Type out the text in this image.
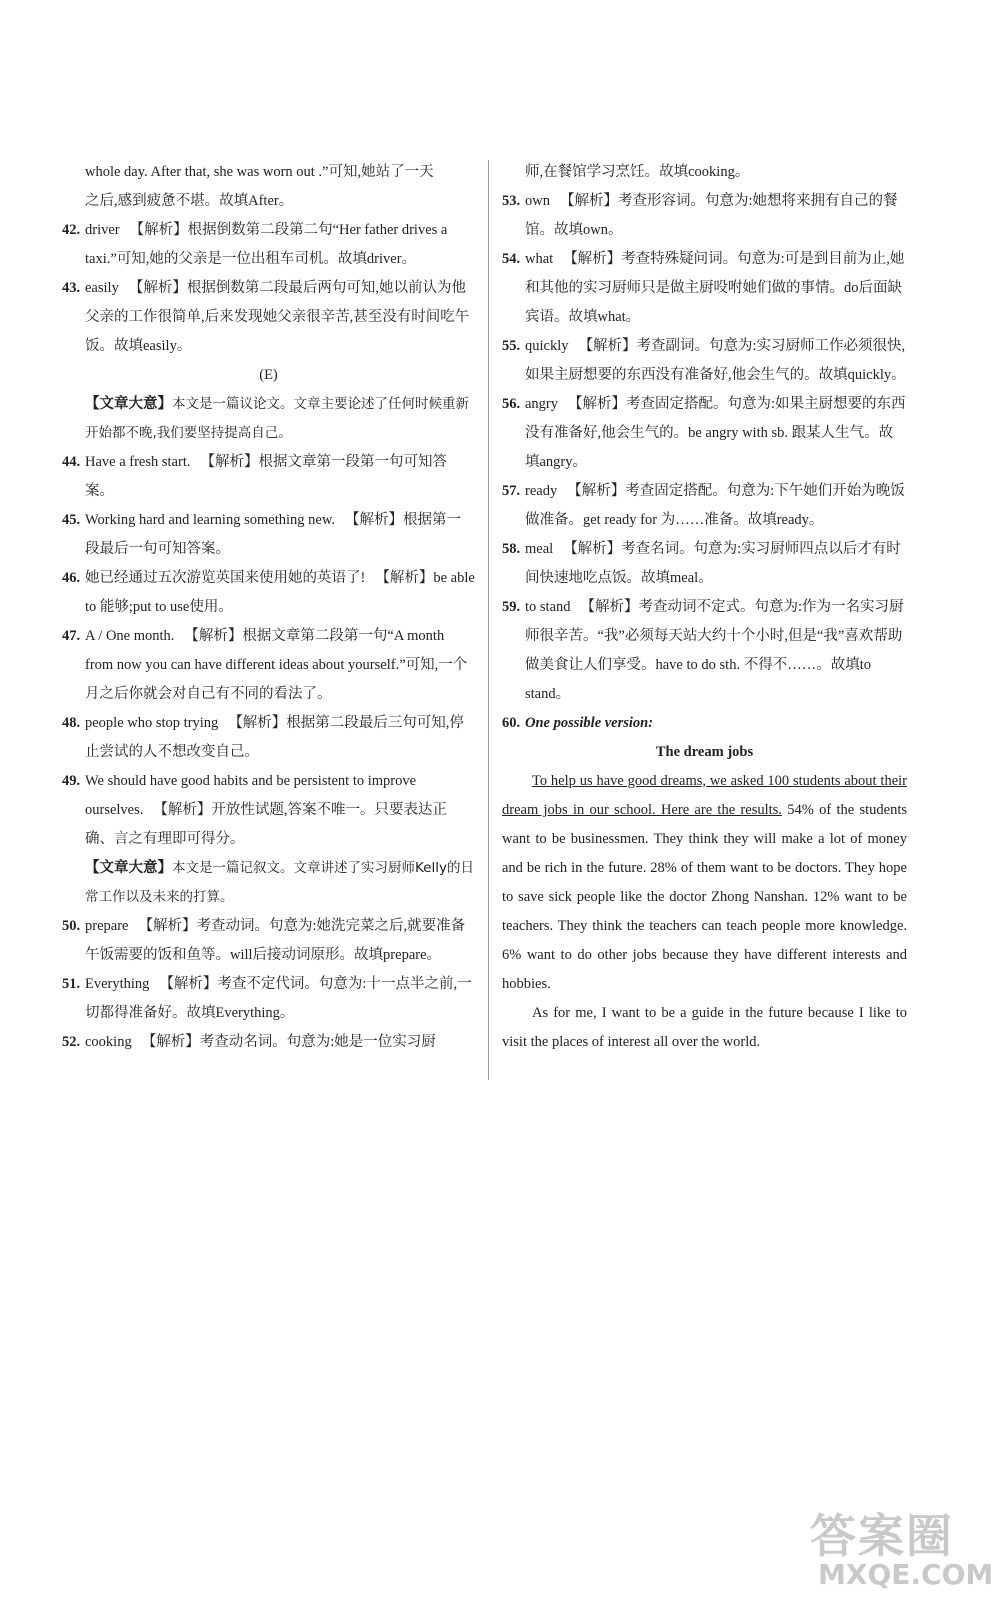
whole day. After that, she was worn out .”可知,她站了一天
之后,感到疲惫不堪。故填After。

42. driver 【解析】根据倒数第二段第二句“Her father drives a taxi.”可知,她的父亲是一位出租车司机。故填driver。

43. easily 【解析】根据倒数第二段最后两句可知,她以前认为他父亲的工作很简单,后来发现她父亲很辛苦,甚至没有时间吃午饭。故填easily。

(E)

【文章大意】本文是一篇议论文。文章主要论述了任何时候重新开始都不晚,我们要坚持提高自己。

44. Have a fresh start. 【解析】根据文章第一段第一句可知答案。

45. Working hard and learning something new. 【解析】根据第一段最后一句可知答案。

46. 她已经通过五次游览英国来使用她的英语了! 【解析】be able to 能够;put to use使用。

47. A / One month. 【解析】根据文章第二段第一句“A month from now you can have different ideas about yourself.”可知,一个月之后你就会对自己有不同的看法了。

48. people who stop trying 【解析】根据第二段最后三句可知,停止尝试的人不想改变自己。

49. We should have good habits and be persistent to improve ourselves. 【解析】开放性试题,答案不唯一。只要表达正确、言之有理即可得分。

【文章大意】本文是一篇记叙文。文章讲述了实习厨师Kelly的日常工作以及未来的打算。

50. prepare 【解析】考查动词。句意为:她洗完菜之后,就要准备午饭需要的饭和鱼等。will后接动词原形。故填prepare。

51. Everything 【解析】考查不定代词。句意为:十一点半之前,一切都得准备好。故填Everything。

52. cooking 【解析】考查动名词。句意为:她是一位实习厨

师,在餐馆学习烹饪。故填cooking。

53. own 【解析】考查形容词。句意为:她想将来拥有自己的餐馆。故填own。

54. what 【解析】考查特殊疑问词。句意为:可是到目前为止,她和其他的实习厨师只是做主厨吺咐她们做的事情。do后面缺宾语。故填what。

55. quickly 【解析】考查副词。句意为:实习厨师工作必须很快,如果主厨想要的东西没有准备好,他会生气的。故填quickly。

56. angry 【解析】考查固定搭配。句意为:如果主厨想要的东西没有准备好,他会生气的。be angry with sb. 跟某人生气。故填angry。

57. ready 【解析】考查固定搭配。句意为:下午她们开始为晚饭做准备。get ready for 为……准备。故填ready。

58. meal 【解析】考查名词。句意为:实习厨师四点以后才有时间快速地吃点饭。故填meal。

59. to stand 【解析】考查动词不定式。句意为:作为一名实习厨师很辛苦。“我”必须每天站大约十个小时,但是“我”喜欢帮助做美食让人们享受。have to do sth. 不得不……。故填to stand。

60. One possible version:

The dream jobs

To help us have good dreams, we asked 100 students about their dream jobs in our school. Here are the results. 54% of the students want to be businessmen. They think they will make a lot of money and be rich in the future. 28% of them want to be doctors. They hope to save sick people like the doctor Zhong Nanshan. 12% want to be teachers. They think the teachers can teach people more knowledge. 6% want to do other jobs because they have different interests and hobbies.

As for me, I want to be a guide in the future because I like to visit the places of interest all over the world.

答案圈
MXQE.COM
